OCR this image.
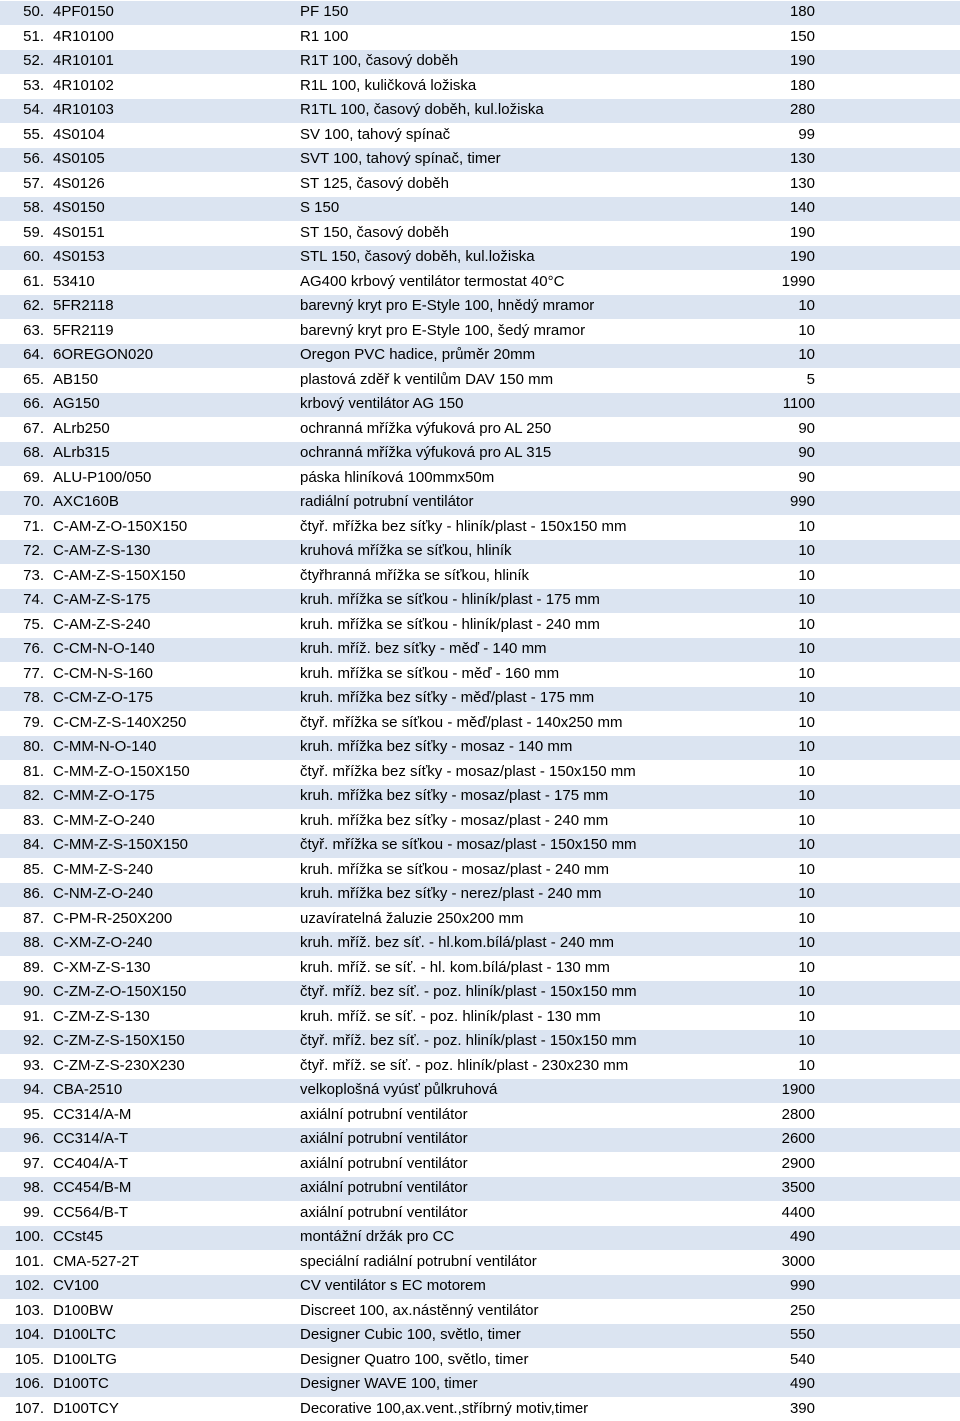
50. 4PF0150	PF 150	180
51. 4R10100	R1 100	150
52. 4R10101	R1T 100, časový doběh	190
53. 4R10102	R1L 100, kuličková ložiska	180
54. 4R10103	R1TL 100, časový doběh, kul.ložiska	280
55. 4S0104	SV 100, tahový spínač	99
56. 4S0105	SVT 100, tahový spínač, timer	130
57. 4S0126	ST 125, časový doběh	130
58. 4S0150	S 150	140
59. 4S0151	ST 150, časový doběh	190
60. 4S0153	STL 150, časový doběh, kul.ložiska	190
61. 53410	AG400 krbový ventilátor termostat 40°C	1990
62. 5FR2118	barevný kryt pro E-Style 100, hnědý mramor	10
63. 5FR2119	barevný kryt pro E-Style 100, šedý mramor	10
64. 6OREGON020	Oregon PVC hadice, průměr 20mm	10
65. AB150	plastová zděř k ventilům DAV 150 mm	5
66. AG150	krbový ventilátor AG 150	1100
67. ALrb250	ochranná mřížka výfuková pro AL 250	90
68. ALrb315	ochranná mřížka výfuková pro AL 315	90
69. ALU-P100/050	páska hliníková 100mmx50m	90
70. AXC160B	radiální potrubní ventilátor	990
71. C-AM-Z-O-150X150	čtyř. mřížka bez síťky - hliník/plast - 150x150 mm	10
72. C-AM-Z-S-130	kruhová mřížka se síťkou, hliník	10
73. C-AM-Z-S-150X150	čtyřhranná mřížka se síťkou, hliník	10
74. C-AM-Z-S-175	kruh. mřížka se síťkou - hliník/plast - 175 mm	10
75. C-AM-Z-S-240	kruh. mřížka se síťkou - hliník/plast - 240 mm	10
76. C-CM-N-O-140	kruh. mříž. bez síťky - měď - 140 mm	10
77. C-CM-N-S-160	kruh. mřížka se síťkou - měď - 160 mm	10
78. C-CM-Z-O-175	kruh. mřížka bez síťky - měď/plast - 175 mm	10
79. C-CM-Z-S-140X250	čtyř. mřížka se síťkou - měď/plast - 140x250 mm	10
80. C-MM-N-O-140	kruh. mřížka bez síťky - mosaz - 140 mm	10
81. C-MM-Z-O-150X150	čtyř. mřížka bez síťky - mosaz/plast - 150x150 mm	10
82. C-MM-Z-O-175	kruh. mřížka bez síťky - mosaz/plast - 175 mm	10
83. C-MM-Z-O-240	kruh. mřížka bez síťky - mosaz/plast - 240 mm	10
84. C-MM-Z-S-150X150	čtyř. mřížka se síťkou - mosaz/plast - 150x150 mm	10
85. C-MM-Z-S-240	kruh. mřížka se síťkou - mosaz/plast - 240 mm	10
86. C-NM-Z-O-240	kruh. mřížka bez síťky - nerez/plast - 240 mm	10
87. C-PM-R-250X200	uzavíratelná žaluzie 250x200 mm	10
88. C-XM-Z-O-240	kruh. mříž. bez síť. - hl.kom.bílá/plast - 240 mm	10
89. C-XM-Z-S-130	kruh. mříž. se síť. - hl. kom.bílá/plast - 130 mm	10
90. C-ZM-Z-O-150X150	čtyř. mříž. bez síť. - poz. hliník/plast - 150x150 mm	10
91. C-ZM-Z-S-130	kruh. mříž. se síť. - poz. hliník/plast - 130 mm	10
92. C-ZM-Z-S-150X150	čtyř. mříž. bez síť. - poz. hliník/plast - 150x150 mm	10
93. C-ZM-Z-S-230X230	čtyř. mříž. se síť. - poz. hliník/plast - 230x230 mm	10
94. CBA-2510	velkoplošná vyúsť půlkruhová	1900
95. CC314/A-M	axiální potrubní ventilátor	2800
96. CC314/A-T	axiální potrubní ventilátor	2600
97. CC404/A-T	axiální potrubní ventilátor	2900
98. CC454/B-M	axiální potrubní ventilátor	3500
99. CC564/B-T	axiální potrubní ventilátor	4400
100. CCst45	montážní držák pro CC	490
101. CMA-527-2T	speciální radiální potrubní ventilátor	3000
102. CV100	CV ventilátor s EC motorem	990
103. D100BW	Discreet 100, ax.nástěnný ventilátor	250
104. D100LTC	Designer Cubic 100, světlo, timer	550
105. D100LTG	Designer Quatro 100, světlo, timer	540
106. D100TC	Designer WAVE 100, timer	490
107. D100TCY	Decorative 100,ax.vent.,stříbrný motiv,timer	390
